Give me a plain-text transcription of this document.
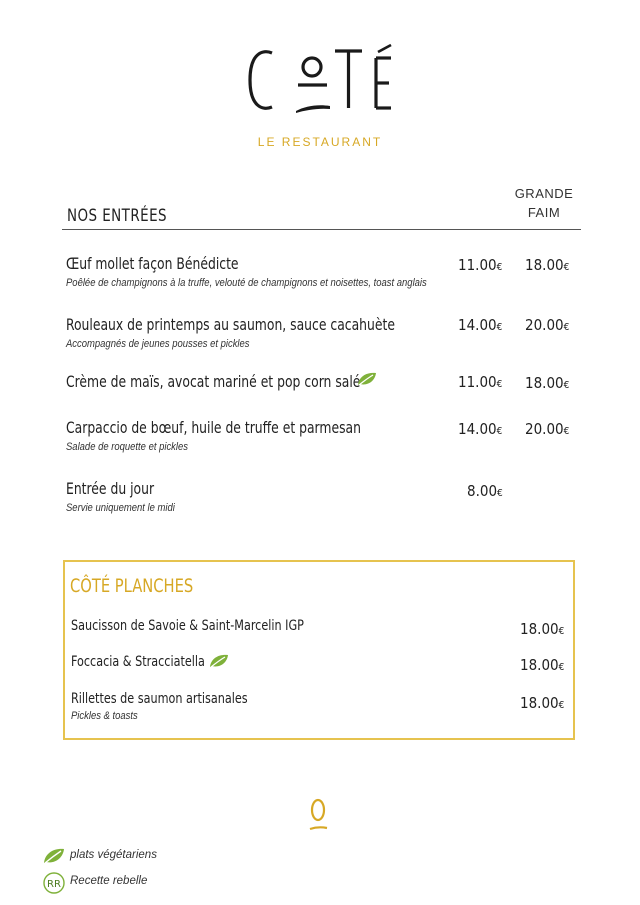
LE RESTAURANT
NOS ENTRÉES
GRANDE
FAIM
Œuf mollet façon Bénédicte
Poêlée de champignons à la truffe, velouté de champignons et noisettes, toast anglais
11.00€ 18.00€
Rouleaux de printemps au saumon, sauce cacahuète
Accompagnés de jeunes pousses et pickles
14.00€ 20.00€
Crème de maïs, avocat mariné et pop corn salé	11.00€ 18.00€
Carpaccio de bœuf, huile de truffe et parmesan
Salade de roquette et pickles
14.00€ 20.00€
Entrée du jour
Servie uniquement le midi
8.00€
CÔTÉ PLANCHES
Saucisson de Savoie & Saint-Marcelin IGP	18.00€
Foccacia & Stracciatella	18.00€
Rillettes de saumon artisanales
Pickles & toasts
18.00€
plats végétariens
RR Recette rebelle
